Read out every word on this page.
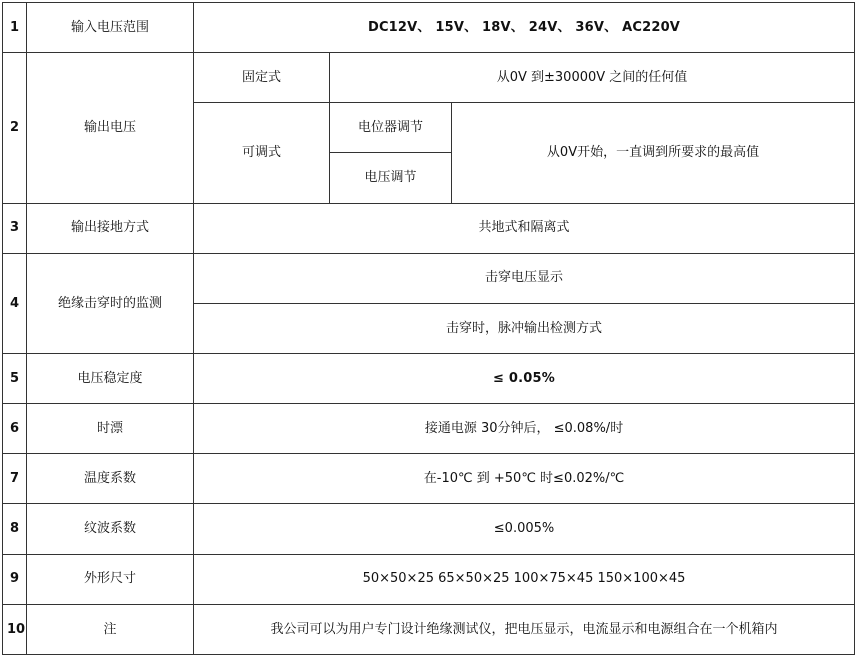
1	输入电压范围	DC12V、 15V、 18V、 24V、 36V、 AC220V		
2	输出电压	固定式	从0V 到±30000V 之间的任何值	
		可调式	电位器调节	从0V开始，一直调到所要求的最高值
			电压调节	
3	输出接地方式	共地式和隔离式		
4	绝缘击穿时的监测	击穿电压显示		
		击穿时，脉冲输出检测方式		
5	电压稳定度	≤ 0.05%		
6	时漂	接通电源 30分钟后， ≤0.08%/时		
7	温度系数	在-10℃ 到 +50℃ 时≤0.02%/℃		
8	纹波系数	≤0.005%		
9	外形尺寸	50×50×25 65×50×25 100×75×45 150×100×45		
10	注	我公司可以为用户专门设计绝缘测试仪，把电压显示，电流显示和电源组合在一个机箱内		
